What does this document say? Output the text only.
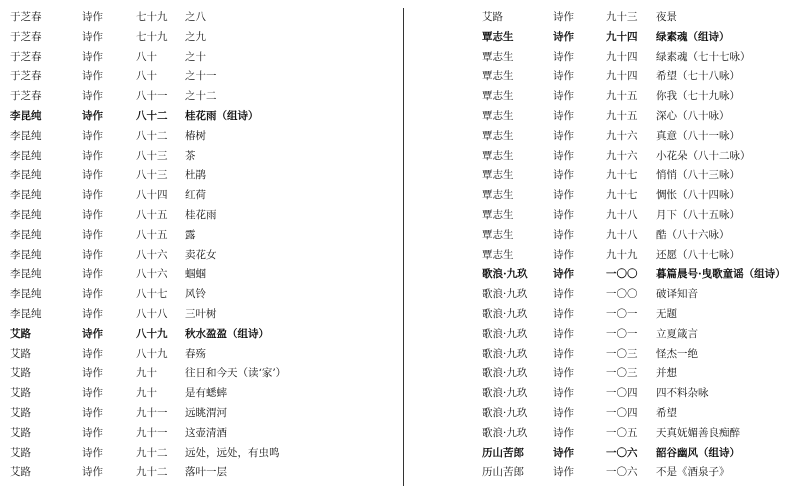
于芝春	诗作	七十九 之八
于芝春	诗作	七十九 之九
于芝春	诗作	八十	之十
于芝春	诗作	八十	之十一
于芝春	诗作	八十一 之十二
李昆纯	诗作	八十二 桂花雨（组诗）
李昆纯	诗作	八十二 椿树
李昆纯	诗作	八十三 茶
李昆纯	诗作	八十三 杜鹃
李昆纯	诗作	八十四 红荷
李昆纯	诗作	八十五 桂花雨
李昆纯	诗作	八十五 露
李昆纯	诗作	八十六 卖花女
李昆纯	诗作	八十六 蝈蝈
李昆纯	诗作	八十七 风铃
李昆纯	诗作	八十八 三叶树
艾路	诗作	八十九 秋水盈盈（组诗）
艾路	诗作	八十九 春殇
艾路	诗作	九十	往日和今天（读‘家’）
艾路	诗作	九十	是有蟋蟀
艾路	诗作	九十一 远眺渭河
艾路	诗作	九十一 这壶清酒
艾路	诗作	九十二 远处，远处，有虫鸣
艾路	诗作	九十二 落叶一层
艾路	诗作	九十三 夜景
覃志生	诗作	九十四 绿素魂（组诗）
覃志生	诗作	九十四 绿素魂（七十七咏）
覃志生	诗作	九十四 希望（七十八咏）
覃志生	诗作	九十五 你我（七十九咏）
覃志生	诗作	九十五 深心（八十咏）
覃志生	诗作	九十六 真意（八十一咏）
覃志生	诗作	九十六 小花朵（八十二咏）
覃志生	诗作	九十七 悄悄（八十三咏）
覃志生	诗作	九十七 惆怅（八十四咏）
覃志生	诗作	九十八 月下（八十五咏）
覃志生	诗作	九十八 酷（八十六咏）
覃志生	诗作	九十九 还愿（八十七咏）
歌浪·九玖 诗作	一〇〇 暮篇晨号·曳歌童谣（组诗）
歌浪·九玖 诗作	一〇〇 破译知音
歌浪·九玖 诗作	一〇一 无题
歌浪·九玖 诗作	一〇一 立夏箴言
歌浪·九玖 诗作	一〇三 怪杰一绝
歌浪·九玖 诗作	一〇三 并想
歌浪·九玖 诗作	一〇四 四不料杂咏
歌浪·九玖 诗作	一〇四 希望
歌浪·九玖 诗作	一〇五 天真妩媚善良痴醉
历山苦郎	诗作	一〇六 韶谷幽风（组诗）
历山苦郎	诗作	一〇六 不是《酒泉子》
